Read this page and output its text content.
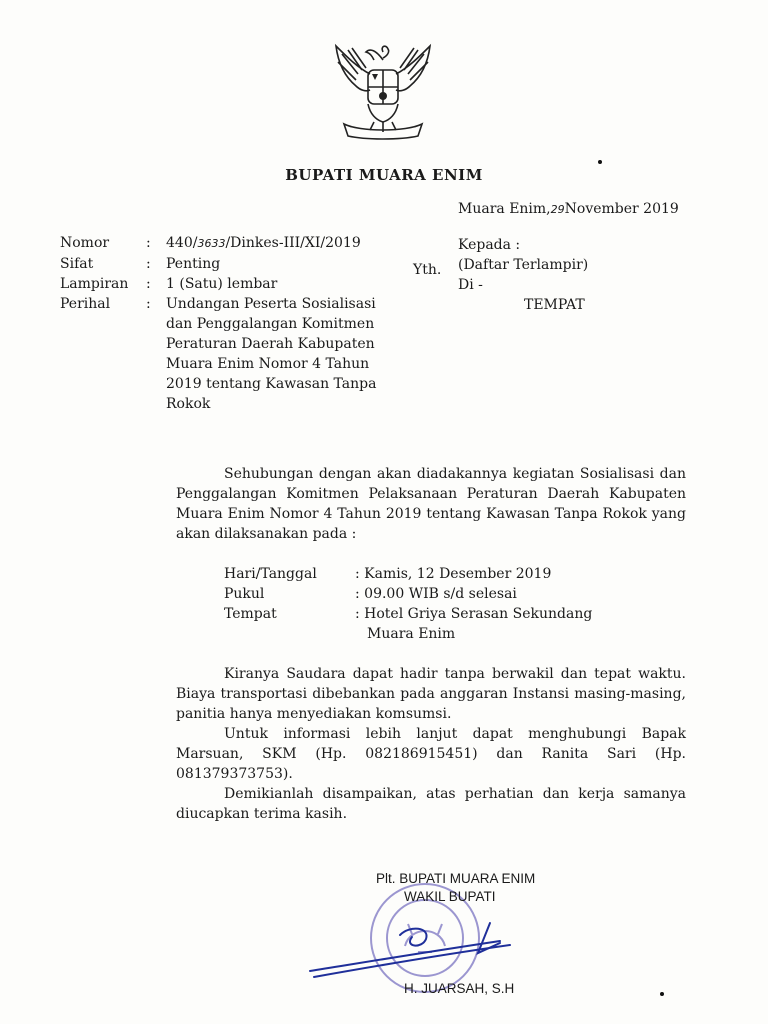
BUPATI MUARA ENIM
Muara Enim,29November 2019
Nomor	:	440/3633/Dinkes-III/XI/2019
Sifat	:	Penting
Lampiran	:	1 (Satu) lembar
Perihal	:	Undangan Peserta Sosialisasi dan Penggalangan Komitmen Peraturan Daerah Kabupaten Muara Enim Nomor 4 Tahun 2019 tentang Kawasan Tanpa Rokok
Yth.
Kepada :
(Daftar Terlampir)
Di -
TEMPAT
Sehubungan dengan akan diadakannya kegiatan Sosialisasi dan Penggalangan Komitmen Pelaksanaan Peraturan Daerah Kabupaten Muara Enim Nomor 4 Tahun 2019 tentang Kawasan Tanpa Rokok yang akan dilaksanakan pada :
Hari/Tanggal	: Kamis, 12 Desember 2019
Pukul	: 09.00 WIB s/d selesai
Tempat	: Hotel Griya Serasan Sekundang
Muara Enim
Kiranya Saudara dapat hadir tanpa berwakil dan tepat waktu. Biaya transportasi dibebankan pada anggaran Instansi masing-masing, panitia hanya menyediakan komsumsi.
Untuk informasi lebih lanjut dapat menghubungi Bapak Marsuan, SKM (Hp. 082186915451) dan Ranita Sari (Hp. 081379373753).
Demikianlah disampaikan, atas perhatian dan kerja samanya diucapkan terima kasih.
Plt. BUPATI MUARA ENIM
WAKIL BUPATI
H. JUARSAH, S.H
